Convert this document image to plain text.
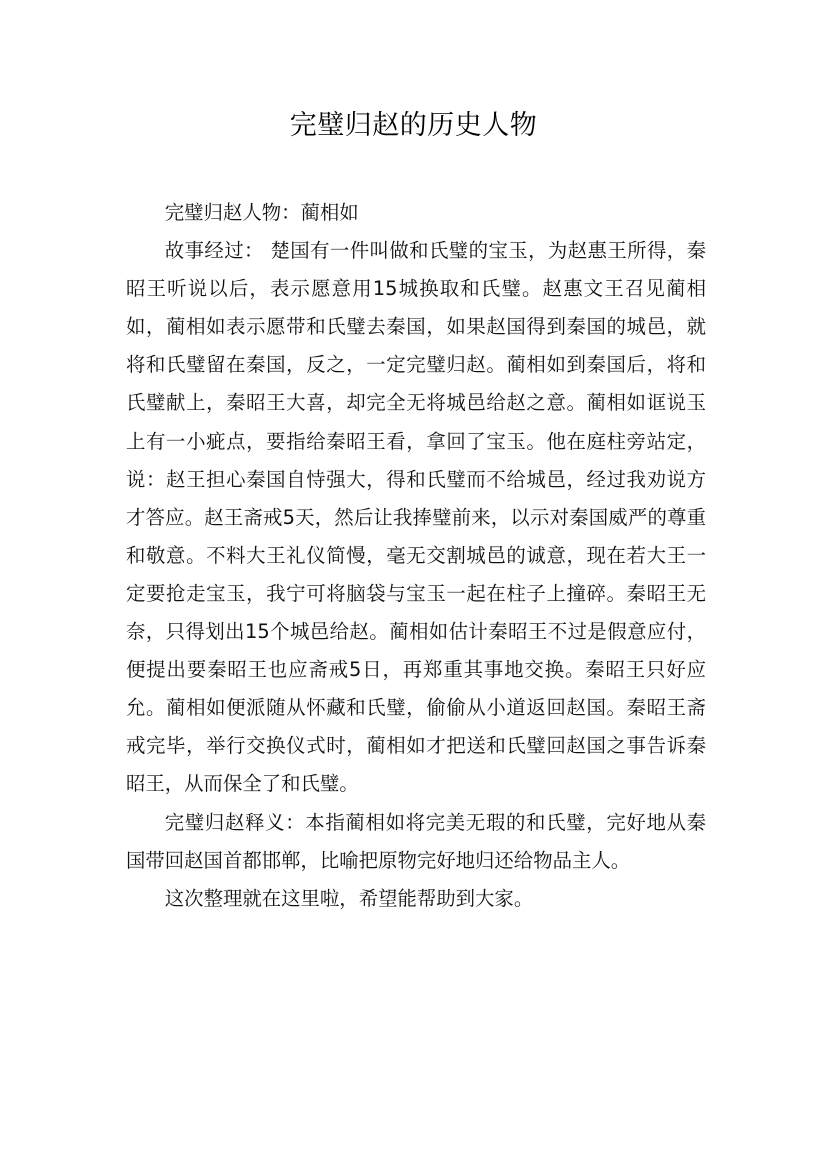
完璧归赵的历史人物

完璧归赵人物：蔺相如

故事经过： 楚国有一件叫做和氏璧的宝玉，为赵惠王所得，秦昭王听说以后，表示愿意用15城换取和氏璧。赵惠文王召见蔺相如，蔺相如表示愿带和氏璧去秦国，如果赵国得到秦国的城邑，就将和氏璧留在秦国，反之，一定完璧归赵。蔺相如到秦国后，将和氏璧献上，秦昭王大喜，却完全无将城邑给赵之意。蔺相如诓说玉上有一小疵点，要指给秦昭王看，拿回了宝玉。他在庭柱旁站定，说：赵王担心秦国自恃强大，得和氏璧而不给城邑，经过我劝说方才答应。赵王斋戒5天，然后让我捧璧前来，以示对秦国威严的尊重和敬意。不料大王礼仪简慢，毫无交割城邑的诚意，现在若大王一定要抢走宝玉，我宁可将脑袋与宝玉一起在柱子上撞碎。秦昭王无奈，只得划出15个城邑给赵。蔺相如估计秦昭王不过是假意应付，便提出要秦昭王也应斋戒5日，再郑重其事地交换。秦昭王只好应允。蔺相如便派随从怀藏和氏璧，偷偷从小道返回赵国。秦昭王斋戒完毕，举行交换仪式时，蔺相如才把送和氏璧回赵国之事告诉秦昭王，从而保全了和氏璧。

完璧归赵释义：本指蔺相如将完美无瑕的和氏璧，完好地从秦国带回赵国首都邯郸，比喻把原物完好地归还给物品主人。

这次整理就在这里啦，希望能帮助到大家。
